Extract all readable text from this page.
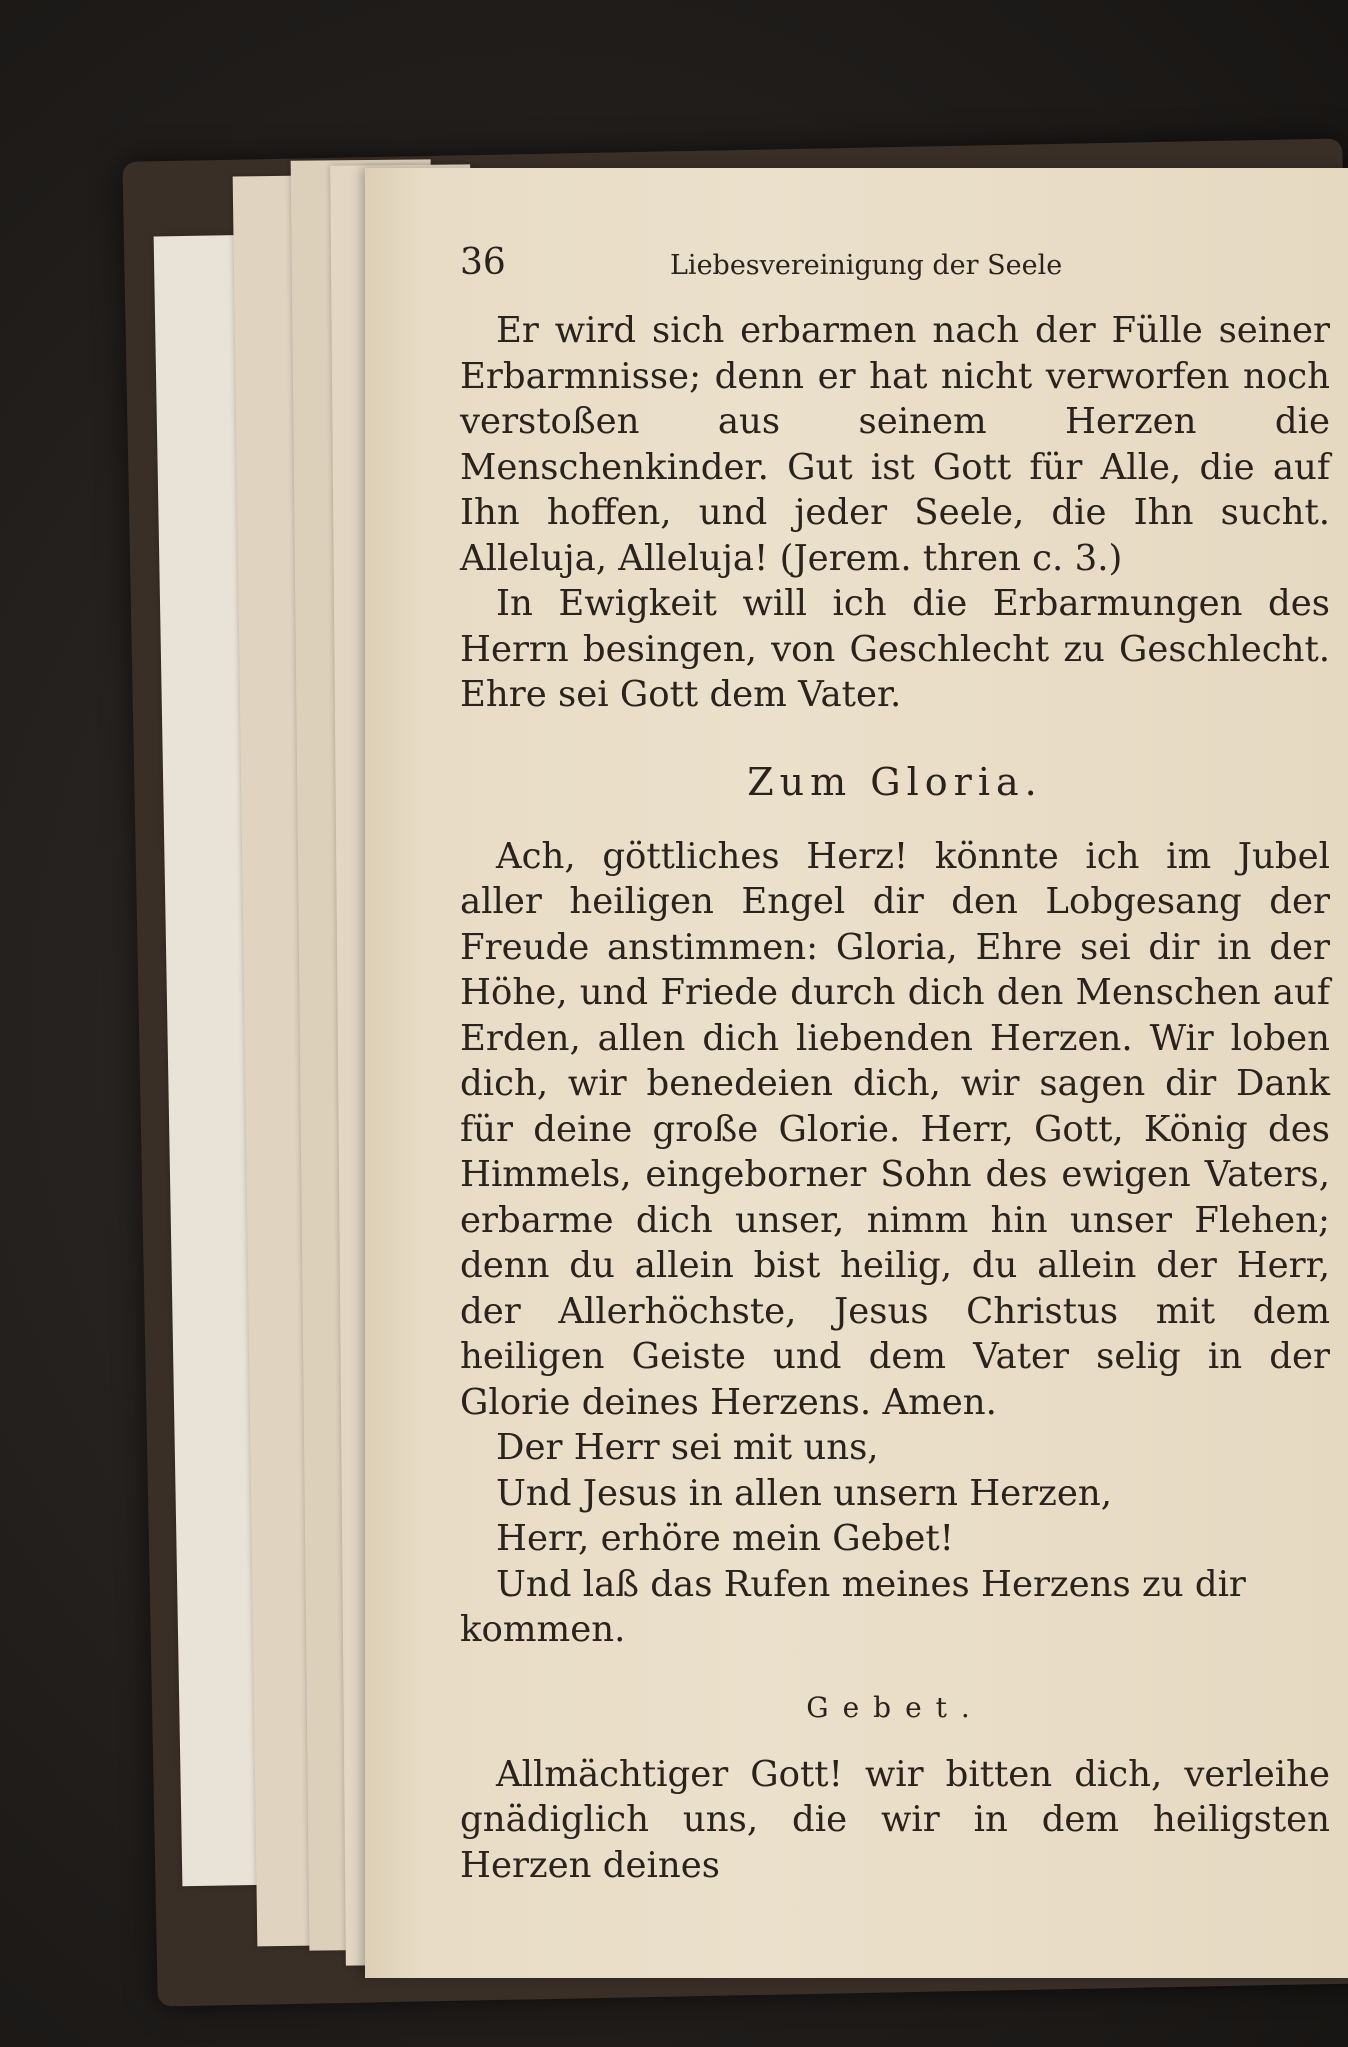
36	Liebesvereinigung der Seele

Er wird sich erbarmen nach der Fülle seiner Erbarmnisse; denn er hat nicht verworfen noch verstoßen aus seinem Herzen die Menschenkinder. Gut ist Gott für Alle, die auf Ihn hoffen, und jeder Seele, die Ihn sucht. Alleluja, Alleluja! (Jerem. thren c. 3.)

In Ewigkeit will ich die Erbarmungen des Herrn besingen, von Geschlecht zu Geschlecht. Ehre sei Gott dem Vater.

Zum Gloria.

Ach, göttliches Herz! könnte ich im Jubel aller heiligen Engel dir den Lobgesang der Freude anstimmen: Gloria, Ehre sei dir in der Höhe, und Friede durch dich den Menschen auf Erden, allen dich liebenden Herzen. Wir loben dich, wir benedeien dich, wir sagen dir Dank für deine große Glorie. Herr, Gott, König des Himmels, eingeborner Sohn des ewigen Vaters, erbarme dich unser, nimm hin unser Flehen; denn du allein bist heilig, du allein der Herr, der Allerhöchste, Jesus Christus mit dem heiligen Geiste und dem Vater selig in der Glorie deines Herzens. Amen.

Der Herr sei mit uns,
Und Jesus in allen unsern Herzen,
Herr, erhöre mein Gebet!
Und laß das Rufen meines Herzens zu dir
kommen.
Gebet.

Allmächtiger Gott! wir bitten dich, verleihe gnädiglich uns, die wir in dem heiligsten Herzen deines
